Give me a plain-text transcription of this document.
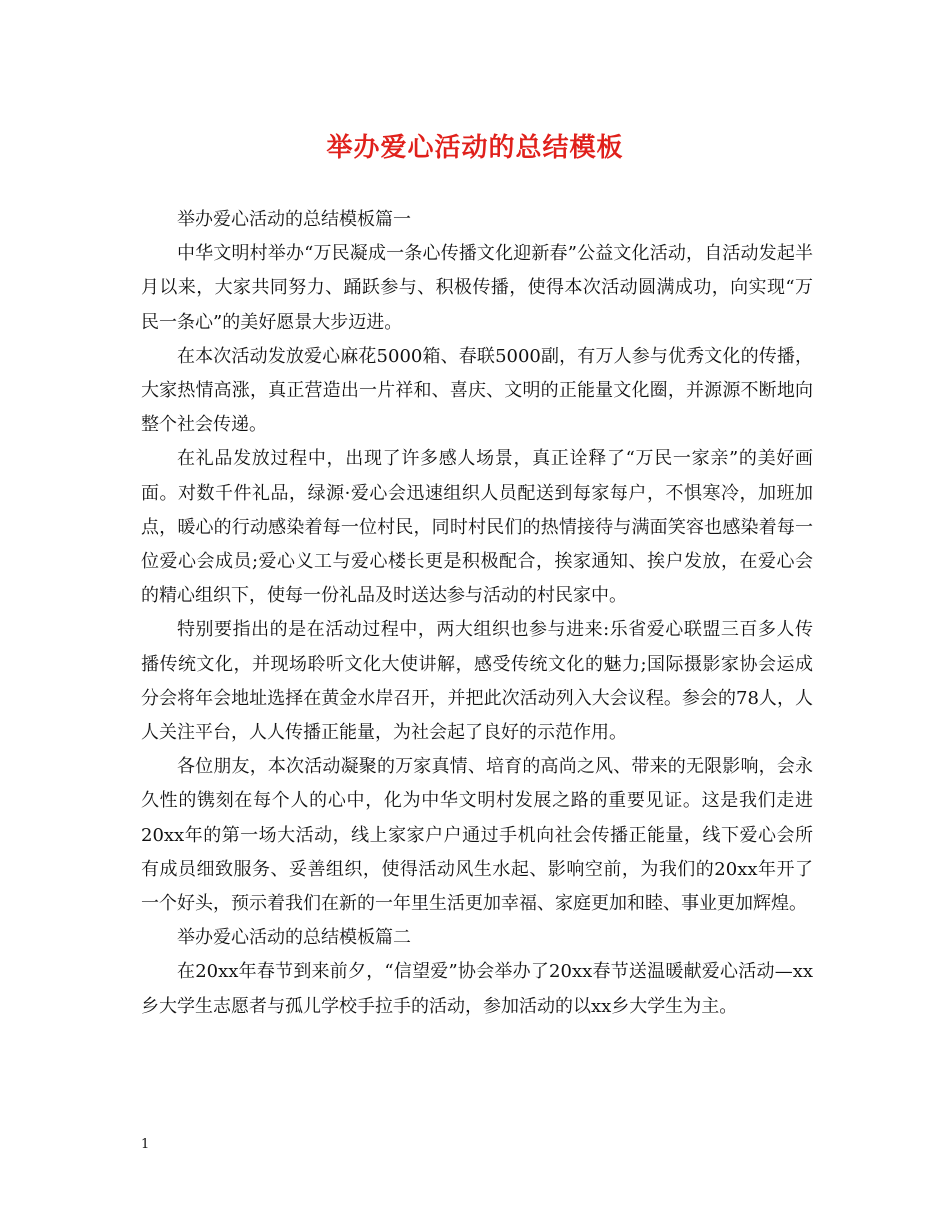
举办爱心活动的总结模板

举办爱心活动的总结模板篇一

中华文明村举办“万民凝成一条心传播文化迎新春”公益文化活动，自活动发起半月以来，大家共同努力、踊跃参与、积极传播，使得本次活动圆满成功，向实现“万民一条心”的美好愿景大步迈进。

在本次活动发放爱心麻花5000箱、春联5000副，有万人参与优秀文化的传播，大家热情高涨，真正营造出一片祥和、喜庆、文明的正能量文化圈，并源源不断地向整个社会传递。

在礼品发放过程中，出现了许多感人场景，真正诠释了“万民一家亲”的美好画面。对数千件礼品，绿源·爱心会迅速组织人员配送到每家每户，不惧寒冷，加班加点，暖心的行动感染着每一位村民，同时村民们的热情接待与满面笑容也感染着每一位爱心会成员;爱心义工与爱心楼长更是积极配合，挨家通知、挨户发放，在爱心会的精心组织下，使每一份礼品及时送达参与活动的村民家中。

特别要指出的是在活动过程中，两大组织也参与进来:乐省爱心联盟三百多人传播传统文化，并现场聆听文化大使讲解，感受传统文化的魅力;国际摄影家协会运成分会将年会地址选择在黄金水岸召开，并把此次活动列入大会议程。参会的78人，人人关注平台，人人传播正能量，为社会起了良好的示范作用。

各位朋友，本次活动凝聚的万家真情、培育的高尚之风、带来的无限影响，会永久性的镌刻在每个人的心中，化为中华文明村发展之路的重要见证。这是我们走进20xx年的第一场大活动，线上家家户户通过手机向社会传播正能量，线下爱心会所有成员细致服务、妥善组织，使得活动风生水起、影响空前，为我们的20xx年开了一个好头，预示着我们在新的一年里生活更加幸福、家庭更加和睦、事业更加辉煌。

举办爱心活动的总结模板篇二

在20xx年春节到来前夕，“信望爱”协会举办了20xx春节送温暖献爱心活动—xx乡大学生志愿者与孤儿学校手拉手的活动，参加活动的以xx乡大学生为主。

1
